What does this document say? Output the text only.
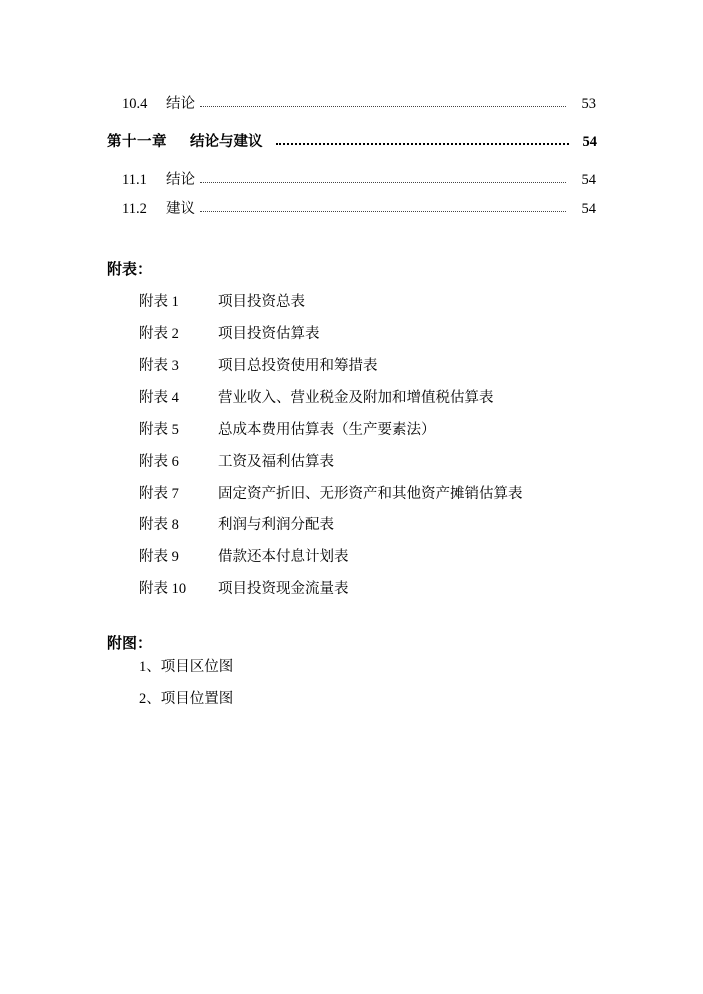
10.4 结论	53
第十一章 结论与建议	54
11.1 结论	54
11.2 建议	54
附表：
附表 1	项目投资总表
附表 2	项目投资估算表
附表 3	项目总投资使用和筹措表
附表 4	营业收入、营业税金及附加和增值税估算表
附表 5	总成本费用估算表（生产要素法）
附表 6	工资及福利估算表
附表 7	固定资产折旧、无形资产和其他资产摊销估算表
附表 8	利润与利润分配表
附表 9	借款还本付息计划表
附表 10 项目投资现金流量表
附图：
1、项目区位图
2、项目位置图
